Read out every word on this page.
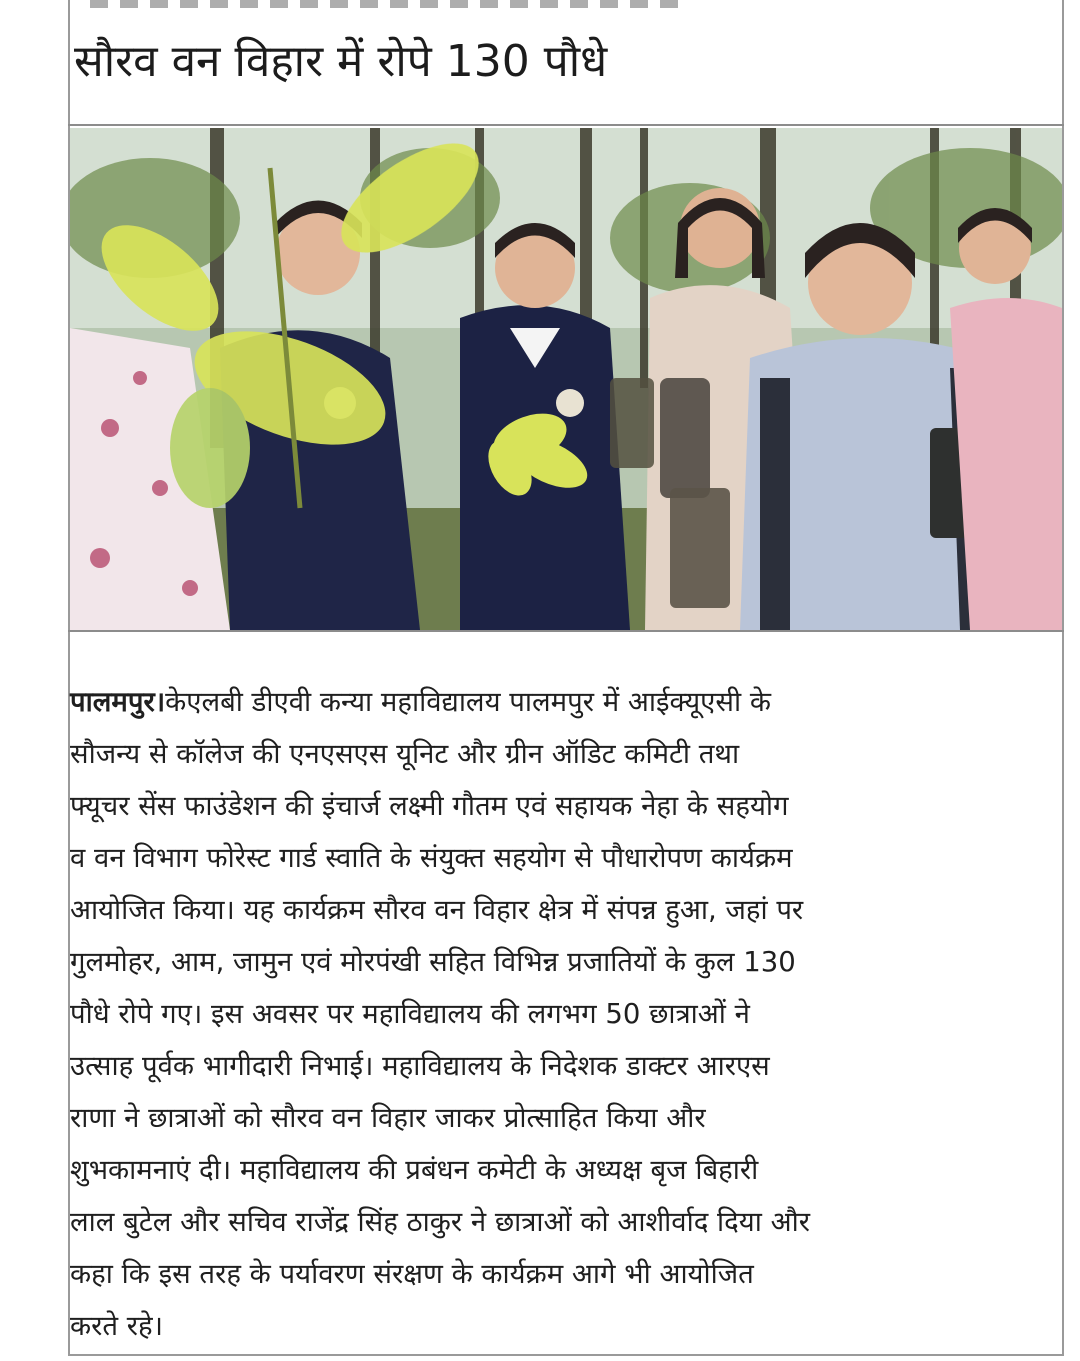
सौरव वन विहार में रोपे 130 पौधे
पालमपुर।केएलबी डीएवी कन्या महाविद्यालय पालमपुर में आईक्यूएसी के
सौजन्य से कॉलेज की एनएसएस यूनिट और ग्रीन ऑडिट कमिटी तथा
फ्यूचर सेंस फाउंडेशन की इंचार्ज लक्ष्मी गौतम एवं सहायक नेहा के सहयोग
व वन विभाग फोरेस्ट गार्ड स्वाति के संयुक्त सहयोग से पौधारोपण कार्यक्रम
आयोजित किया। यह कार्यक्रम सौरव वन विहार क्षेत्र में संपन्न हुआ, जहां पर
गुलमोहर, आम, जामुन एवं मोरपंखी सहित विभिन्न प्रजातियों के कुल 130
पौधे रोपे गए। इस अवसर पर महाविद्यालय की लगभग 50 छात्राओं ने
उत्साह पूर्वक भागीदारी निभाई। महाविद्यालय के निदेशक डाक्टर आरएस
राणा ने छात्राओं को सौरव वन विहार जाकर प्रोत्साहित किया और
शुभकामनाएं दी। महाविद्यालय की प्रबंधन कमेटी के अध्यक्ष बृज बिहारी
लाल बुटेल और सचिव राजेंद्र सिंह ठाकुर ने छात्राओं को आशीर्वाद दिया और
कहा कि इस तरह के पर्यावरण संरक्षण के कार्यक्रम आगे भी आयोजित
करते रहे।
